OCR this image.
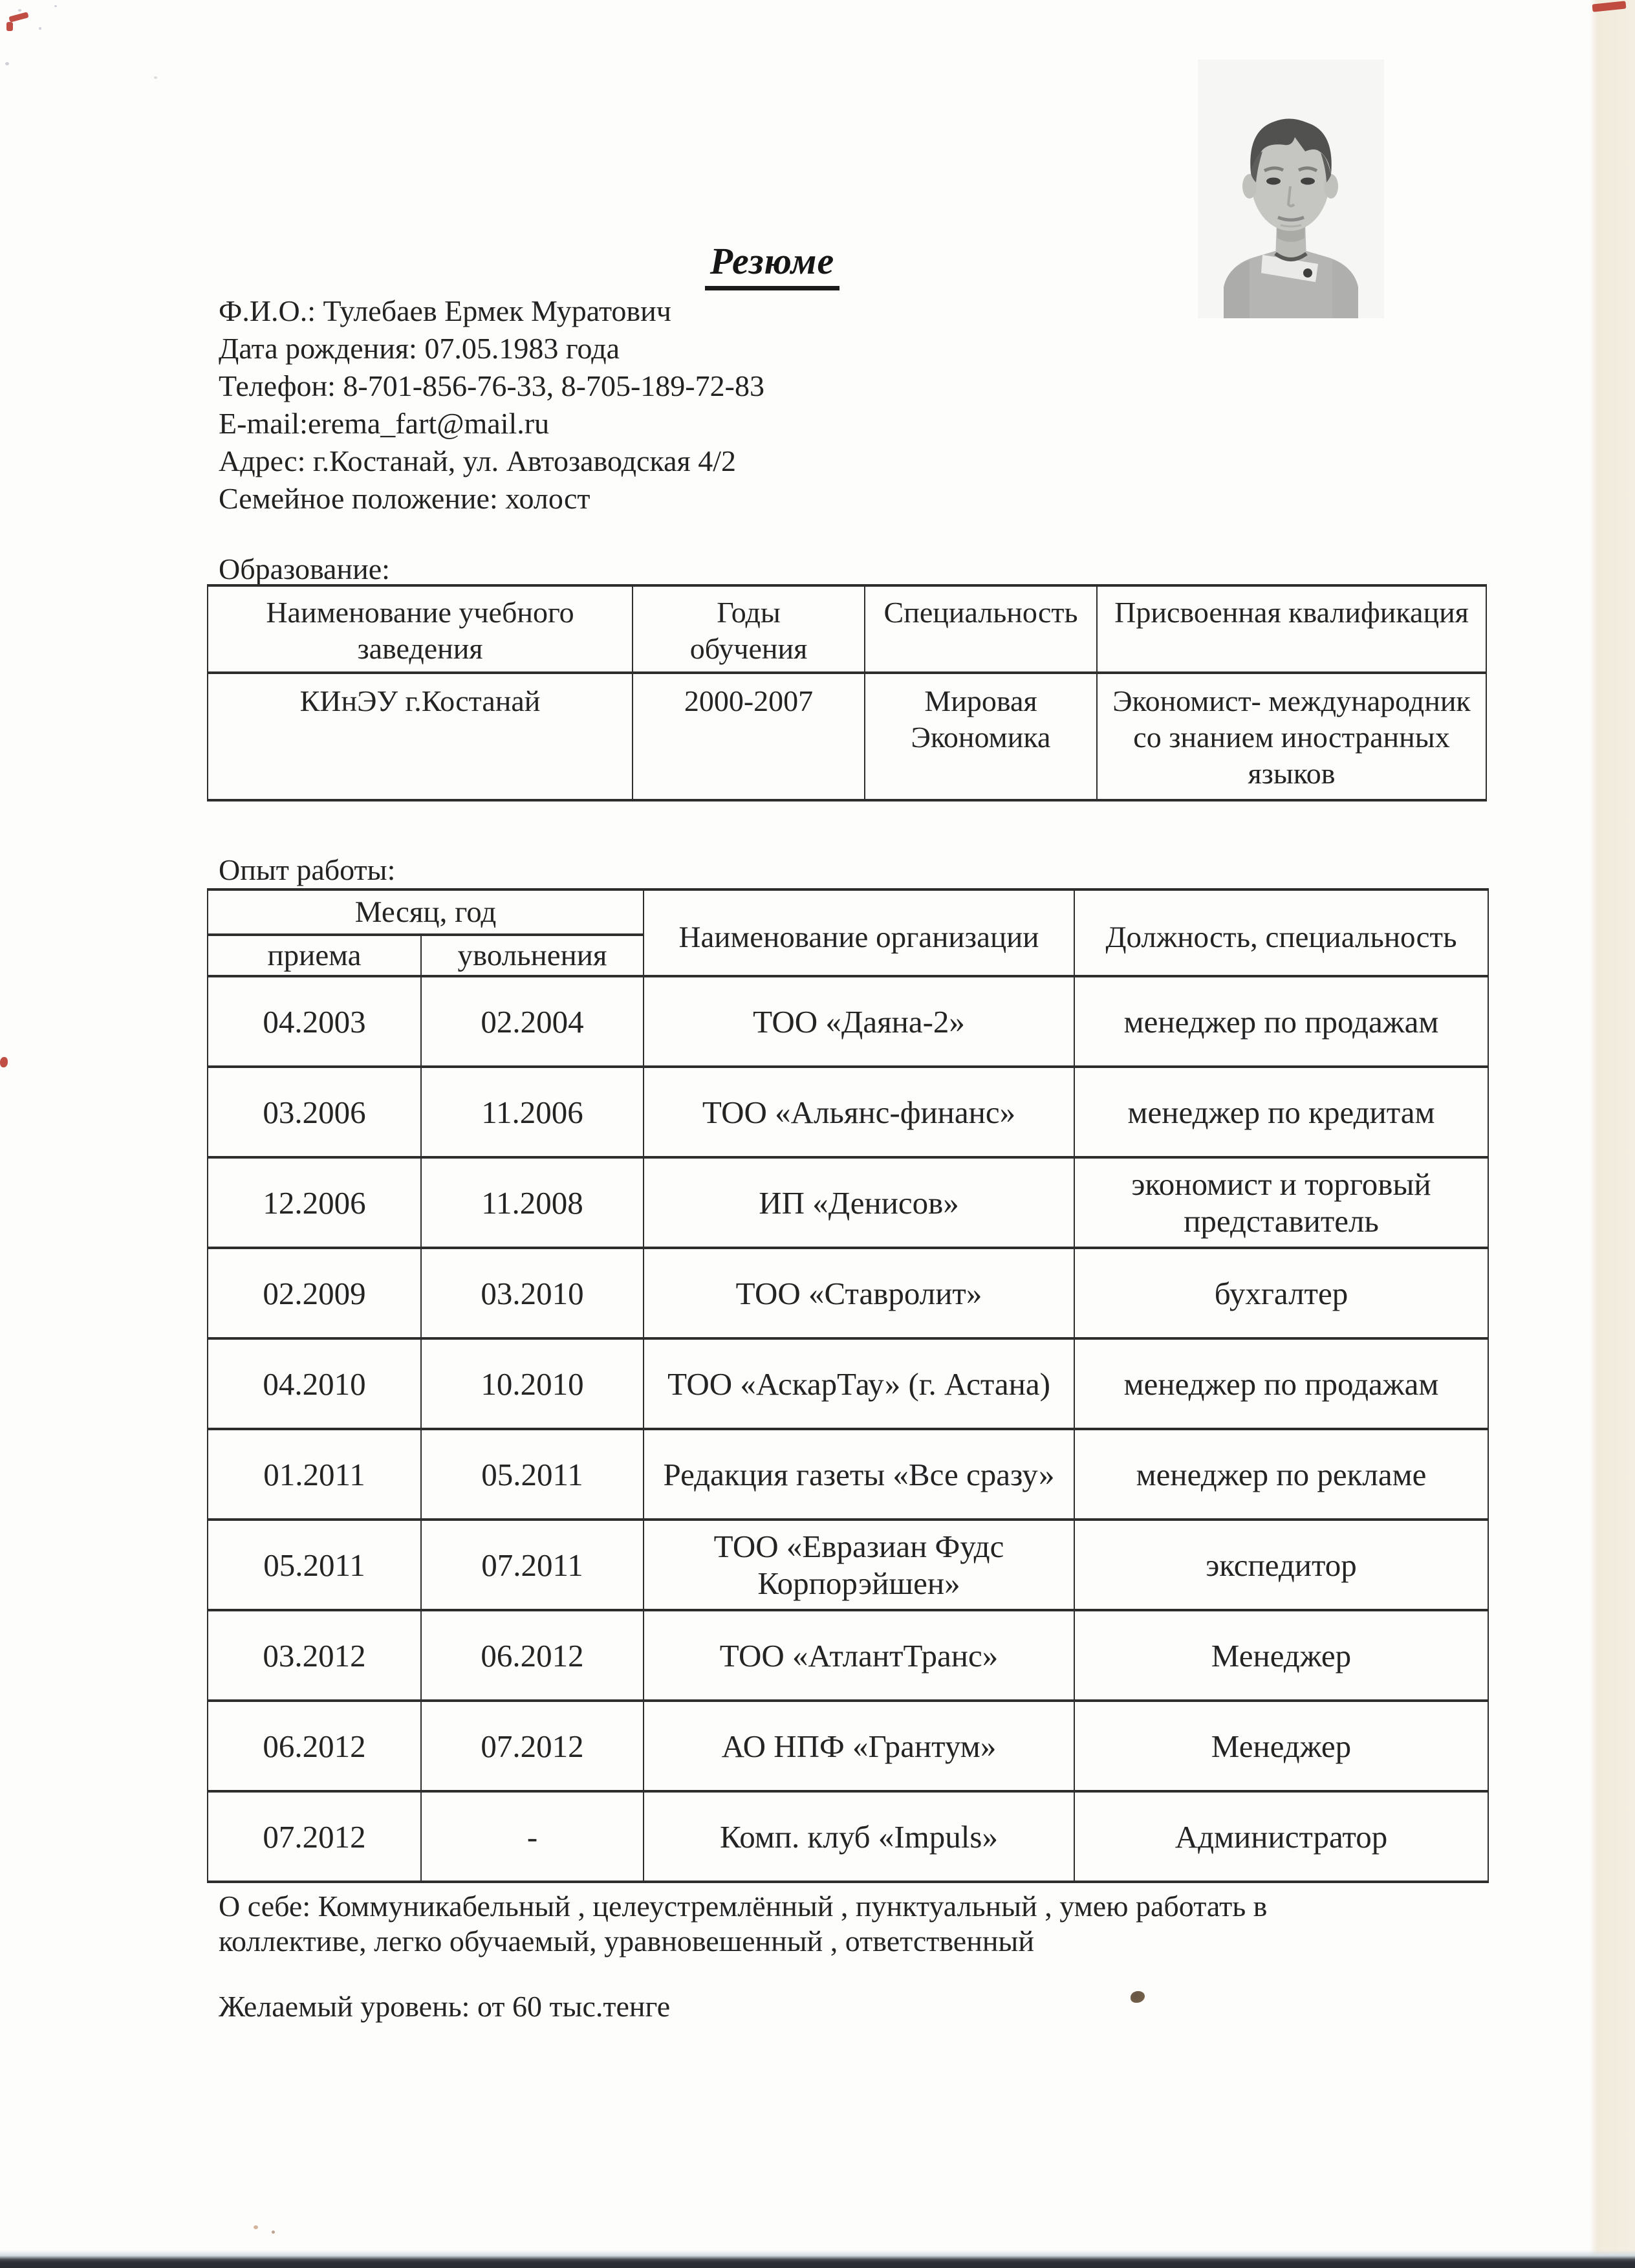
Резюме
Ф.И.О.: Тулебаев Ермек Муратович
Дата рождения: 07.05.1983 года
Телефон: 8-701-856-76-33, 8-705-189-72-83
E-mail:erema_fart@mail.ru
Адрес: г.Костанай, ул. Автозаводская 4/2
Семейное положение: холост
Образование:
Наименование учебного заведения	Годы обучения	Специальность	Присвоенная квалификация
КИнЭУ г.Костанай	2000-2007	Мировая Экономика	Экономист- международник со знанием иностранных языков
Опыт работы:
Месяц, год		Наименование организации	Должность, специальность
приема	увольнения		
04.2003	02.2004	ТОО «Даяна-2»	менеджер по продажам
03.2006	11.2006	ТОО «Альянс-финанс»	менеджер по кредитам
12.2006	11.2008	ИП «Денисов»	экономист и торговый представитель
02.2009	03.2010	ТОО «Ставролит»	бухгалтер
04.2010	10.2010	ТОО «АскарТау» (г. Астана)	менеджер по продажам
01.2011	05.2011	Редакция газеты «Все сразу»	менеджер по рекламе
05.2011	07.2011	ТОО «Евразиан Фудс Корпорэйшен»	экспедитор
03.2012	06.2012	ТОО «АтлантТранс»	Менеджер
06.2012	07.2012	АО НПФ «Грантум»	Менеджер
07.2012	-	Комп. клуб «Impuls»	Администратор
О себе: Коммуникабельный , целеустремлённый , пунктуальный , умею работать в
коллективе, легко обучаемый, уравновешенный , ответственный
Желаемый уровень: от 60 тыс.тенге
